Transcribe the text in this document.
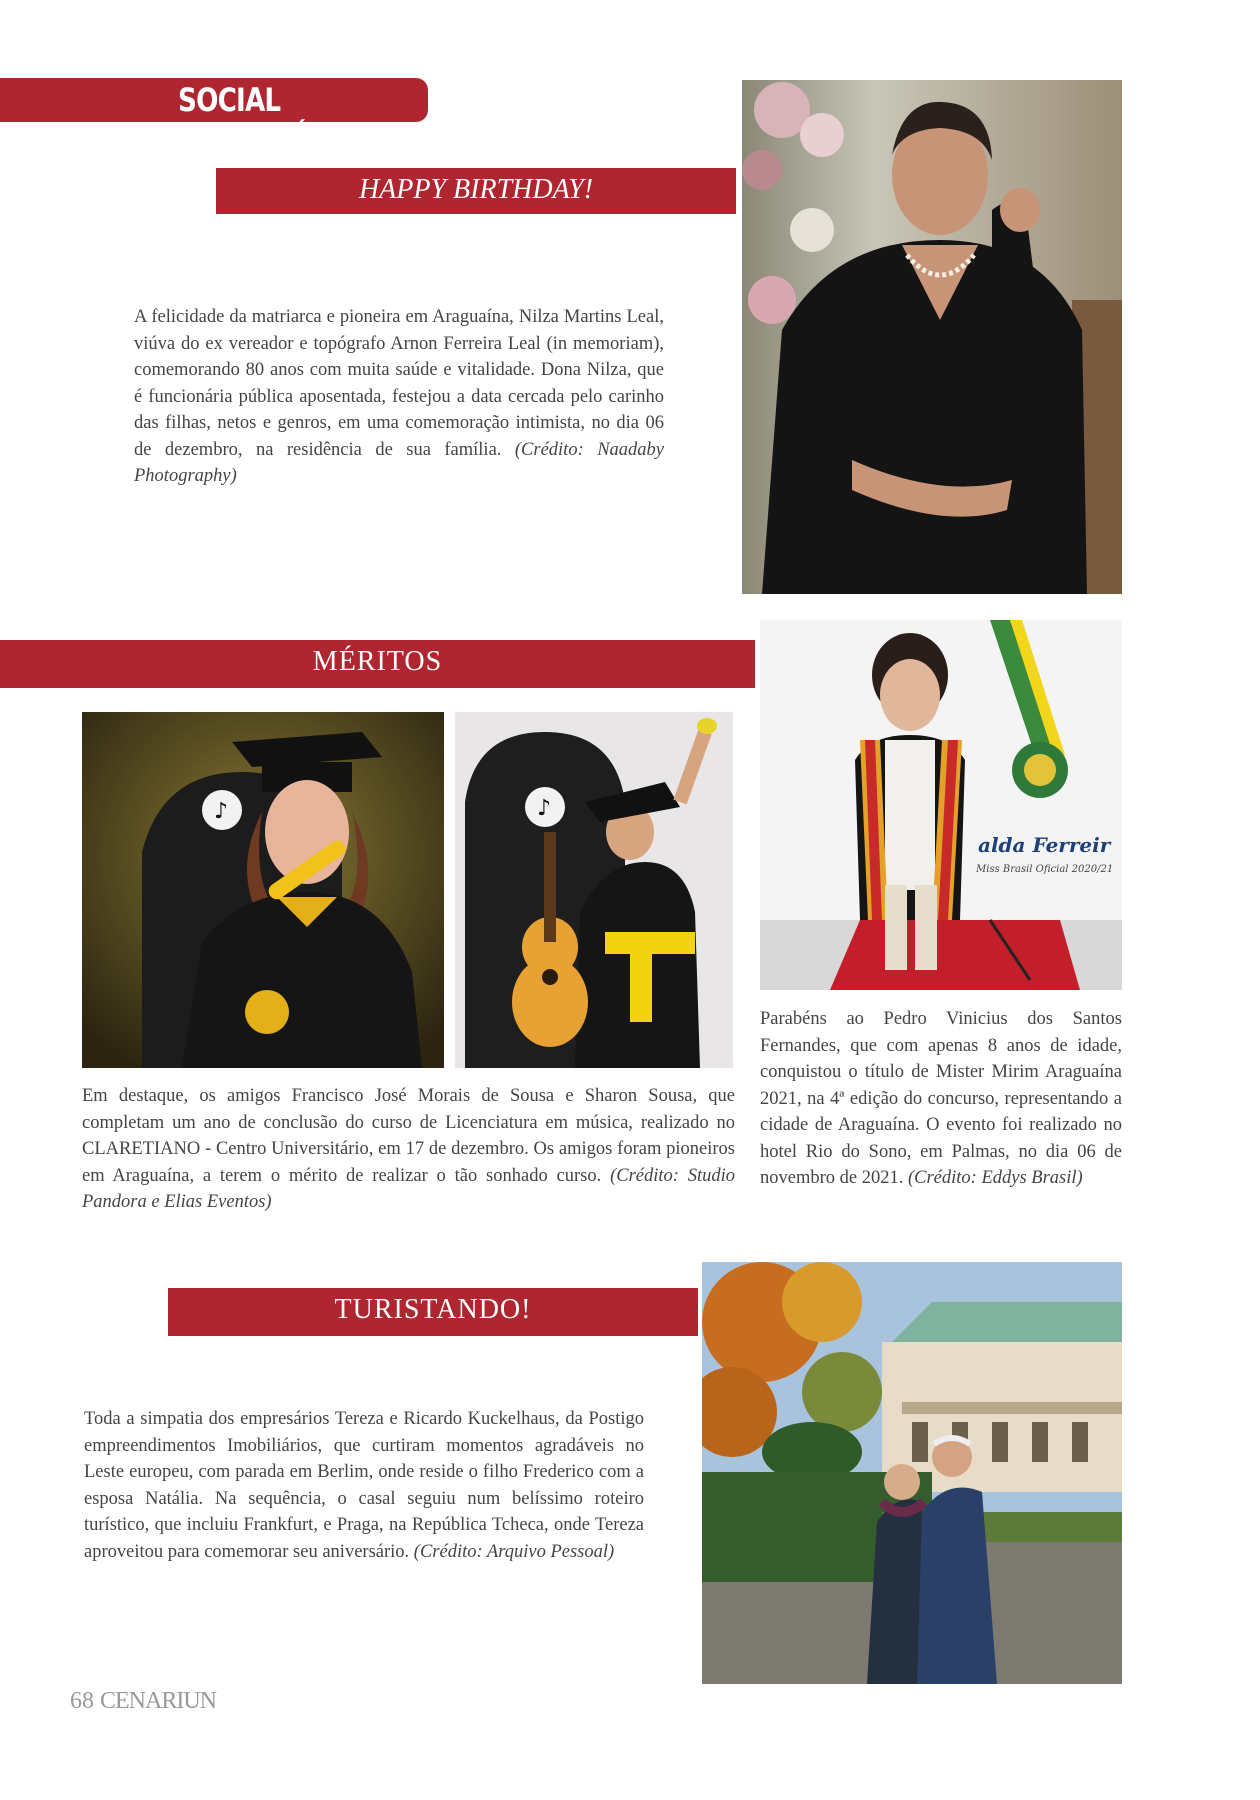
SOCIAL ARAGUAÍNA
HAPPY BIRTHDAY!
A felicidade da matriarca e pioneira em Araguaína, Nilza Martins Leal, viúva do ex vereador e topógrafo Arnon Ferreira Leal (in memoriam), comemorando 80 anos com muita saúde e vitalidade. Dona Nilza, que é funcionária pública aposentada, festejou a data cercada pelo carinho das filhas, netos e genros, em uma comemoração intimista, no dia 06 de dezembro, na residência de sua família. (Crédito: Naadaby Photography)
MÉRITOS
♪	♪
Em destaque, os amigos Francisco José Morais de Sousa e Sharon Sousa, que completam um ano de conclusão do curso de Licenciatura em música, realizado no CLARETIANO - Centro Universitário, em 17 de dezembro. Os amigos foram pioneiros em Araguaína, a terem o mérito de realizar o tão sonhado curso. (Crédito: Studio Pandora e Elias Eventos)
alda Ferreir
Miss Brasil Oficial 2020/21
Parabéns ao Pedro Vinicius dos Santos Fernandes, que com apenas 8 anos de idade, conquistou o título de Mister Mirim Araguaína 2021, na 4ª edição do concurso, representando a cidade de Araguaína. O evento foi realizado no hotel Rio do Sono, em Palmas, no dia 06 de novembro de 2021. (Crédito: Eddys Brasil)
TURISTANDO!
Toda a simpatia dos empresários Tereza e Ricardo Kuckelhaus, da Postigo empreendimentos Imobiliários, que curtiram momentos agradáveis no Leste europeu, com parada em Berlim, onde reside o filho Frederico com a esposa Natália. Na sequência, o casal seguiu num belíssimo roteiro turístico, que incluiu Frankfurt, e Praga, na República Tcheca, onde Tereza aproveitou para comemorar seu aniversário. (Crédito: Arquivo Pessoal)
68 CENARIUN
